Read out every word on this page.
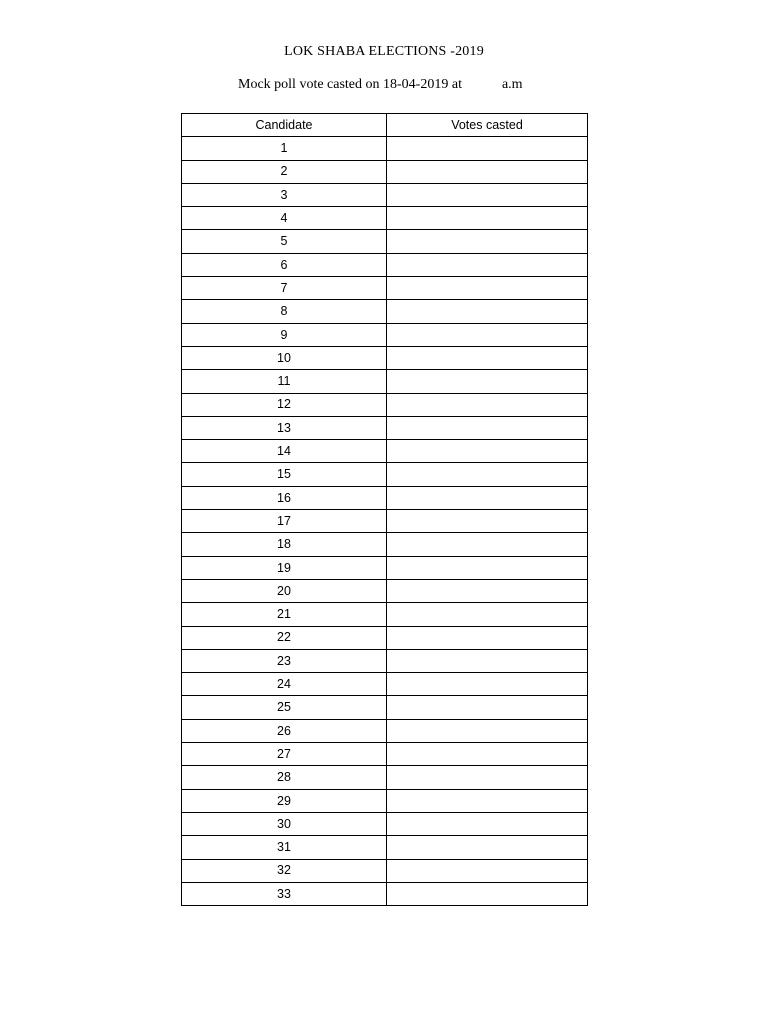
LOK SHABA ELECTIONS -2019
Mock poll vote casted on 18-04-2019 at	a.m
Candidate	Votes casted
1	
2	
3	
4	
5	
6	
7	
8	
9	
10	
11	
12	
13	
14	
15	
16	
17	
18	
19	
20	
21	
22	
23	
24	
25	
26	
27	
28	
29	
30	
31	
32	
33	
